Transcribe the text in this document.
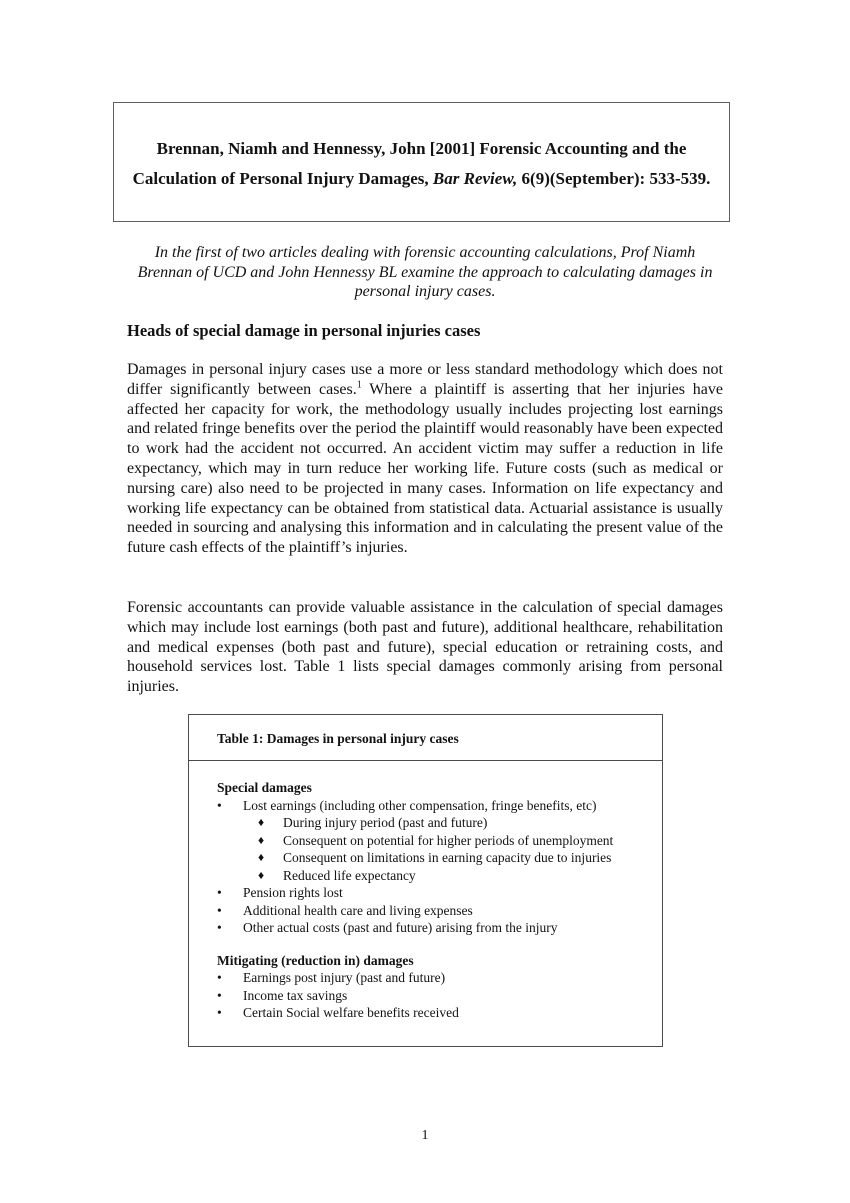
Brennan, Niamh and Hennessy, John [2001] Forensic Accounting and the Calculation of Personal Injury Damages, Bar Review, 6(9)(September): 533-539.
In the first of two articles dealing with forensic accounting calculations, Prof Niamh Brennan of UCD and John Hennessy BL examine the approach to calculating damages in personal injury cases.
Heads of special damage in personal injuries cases

Damages in personal injury cases use a more or less standard methodology which does not differ significantly between cases.$^1$ Where a plaintiff is asserting that her injuries have affected her capacity for work, the methodology usually includes projecting lost earnings and related fringe benefits over the period the plaintiff would reasonably have been expected to work had the accident not occurred. An accident victim may suffer a reduction in life expectancy, which may in turn reduce her working life. Future costs (such as medical or nursing care) also need to be projected in many cases. Information on life expectancy and working life expectancy can be obtained from statistical data. Actuarial assistance is usually needed in sourcing and analysing this information and in calculating the present value of the future cash effects of the plaintiff’s injuries.

Forensic accountants can provide valuable assistance in the calculation of special damages which may include lost earnings (both past and future), additional healthcare, rehabilitation and medical expenses (both past and future), special education or retraining costs, and household services lost. Table 1 lists special damages commonly arising from personal injuries.

Table 1: Damages in personal injury cases
Special damages
•	Lost earnings (including other compensation, fringe benefits, etc)
♦	During injury period (past and future)
♦	Consequent on potential for higher periods of unemployment
♦	Consequent on limitations in earning capacity due to injuries
♦	Reduced life expectancy
•	Pension rights lost
•	Additional health care and living expenses
•	Other actual costs (past and future) arising from the injury
Mitigating (reduction in) damages
•	Earnings post injury (past and future)
•	Income tax savings
•	Certain Social welfare benefits received
1
